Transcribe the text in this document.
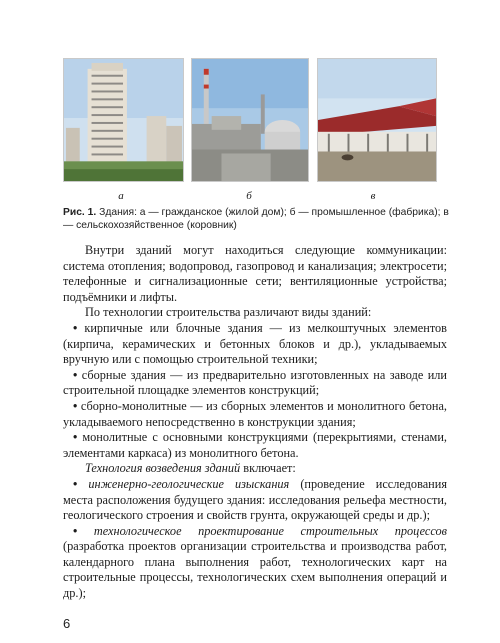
а	б	в
Рис. 1. Здания: а — гражданское (жилой дом); б — промышленное (фабрика); в — сельскохозяйственное (коровник)

Внутри зданий могут находиться следующие коммуникации: система отопления; водопровод, газопровод и канализация; электросети; телефонные и сигнализационные сети; вентиляционные устройства; подъёмники и лифты.

По технологии строительства различают виды зданий:

• кирпичные или блочные здания — из мелкоштучных элементов (кирпича, керамических и бетонных блоков и др.), укладываемых вручную или с помощью строительной техники;

• сборные здания — из предварительно изготовленных на заводе или строительной площадке элементов конструкций;

• сборно-монолитные — из сборных элементов и монолитного бетона, укладываемого непосредственно в конструкции здания;

• монолитные с основными конструкциями (перекрытиями, стенами, элементами каркаса) из монолитного бетона.

Технология возведения зданий включает:

• инженерно-геологические изыскания (проведение исследования места расположения будущего здания: исследования рельефа местности, геологического строения и свойств грунта, окружающей среды и др.);

• технологическое проектирование строительных процессов (разработка проектов организации строительства и производства работ, календарного плана выполнения работ, технологических карт на строительные процессы, технологических схем выполнения операций и др.);

6
